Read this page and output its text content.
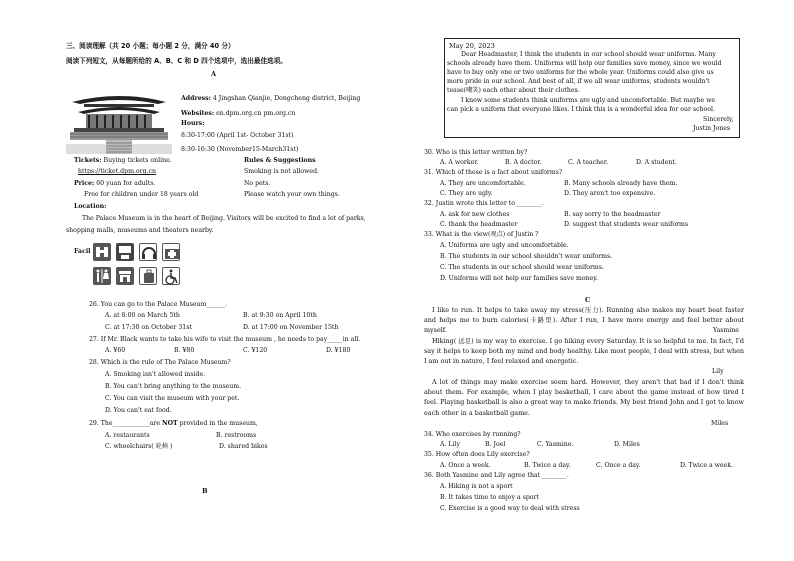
三、阅读理解（共 20 小题；每小题 2 分，满分 40 分）
阅读下列短文，从每题所给的 A、B、C 和 D 四个选项中，选出最佳选项。
A
Address: 4 Jingshan Qianjie, Dongcheng district, Beijing
Websites: en.dpm.org.cn pm.org.cn
Hours:
8:30-17:00 (April 1st- October 31st)
8:30-16:30 (November15-March31st)
Tickets: Buying tickets online.	Rules & Suggestions
https://ticket.dpm.org.cn	Smoking is not allowed.
Price: 60 yuan for adults.	No pets.
Free for children under 18 years old	Please watch your own things.
Location:
The Palace Museum is in the heart of Beijing. Visitors will be excited to find a lot of parks,
shopping malls, museums and theaters nearby.
Facil
26. You can go to the Palace Museum______.
A. at 8:00 on March 5th	B. at 9:30 on April 10th
C. at 17:30 on October 31st	D. at 17:00 on November 15th
27. If Mr. Black wants to take his wife to visit the museum , he needs to pay_____in all.
A. ¥60	B. ¥80	C. ¥120	D. ¥180
28. Which is the rule of The Palace Museum?
A. Smoking isn't allowed inside.
B. You can't bring anything to the museum.
C. You can visit the museum with your pet.
D. You can't eat food.
29. The____________are NOT provided in the museum,
A. restaurants	B. restrooms
C. wheelchairs( 轮椅 )	D. shared bikes
B
May 20, 2023
Dear Headmaster, I think the students in our school should wear uniforms. Many
schools already have them. Uniforms will help our families save money, since we would
have to buy only one or two uniforms for the whole year. Uniforms could also give us
more pride in our school. And best of all, if we all wear uniforms, students wouldn't
tease(嘲笑) each other about their clothes.
I know some students think uniforms are ugly and uncomfortable. But maybe we
can pick a uniform that everyone likes. I think this is a wonderful idea for our school.
Sincerely,
Justin Jones
30. Who is this letter written by?
A. A worker.	B. A doctor.	C. A teacher.	D. A student.
31. Which of these is a fact about uniforms?
A. They are uncomfortable.	B. Many schools already have them.
C. They are ugly.	D. They aren't too expensive.
32. Justin wrote this letter to ________.
A. ask for new clothes	B. say sorry to the headmaster
C. thank the headmaster	D. suggest that students wear uniforms
33. What is the view(观点) of Justin ?
A. Uniforms are ugly and uncomfortable.
B. The students in our school shouldn't wear uniforms.
C. The students in our school should wear uniforms.
D. Uniforms will not help our families save money.
C
I like to run. It helps to take away my stress(压力). Running also makes my heart beat faster and helps me to burn calories(卡路里). After I run, I have more energy and feel better about myself.	Yasmine
Hiking( 远足) is my way to exercise. I go hiking every Saturday. It is so helpful to me. In fact, I'd say it helps to keep both my mind and body healthy. Like most people, I deal with stress, but when I am out in nature, I feel relaxed and energetic.
Lily
A lot of things may make exercise seem hard. However, they aren't that bad if I don't think about them. For example, when I play basketball, I care about the game instead of how tired I feel. Playing basketball is also a great way to make friends. My best friend John and I got to know each other in a basketball game.
Miles
34. Who exercises by running?
A. Lily	B. Joel	C. Yasmine.	D. Miles
35. How often does Lily exercise?
A. Once a week.	B. Twice a day.	C. Once a day.	D. Twice a week.
36. Both Yasmine and Lily agree that ________.
A. Hiking is not a sport
B. It takes time to enjoy a sport
C. Exercise is a good way to deal with stress
